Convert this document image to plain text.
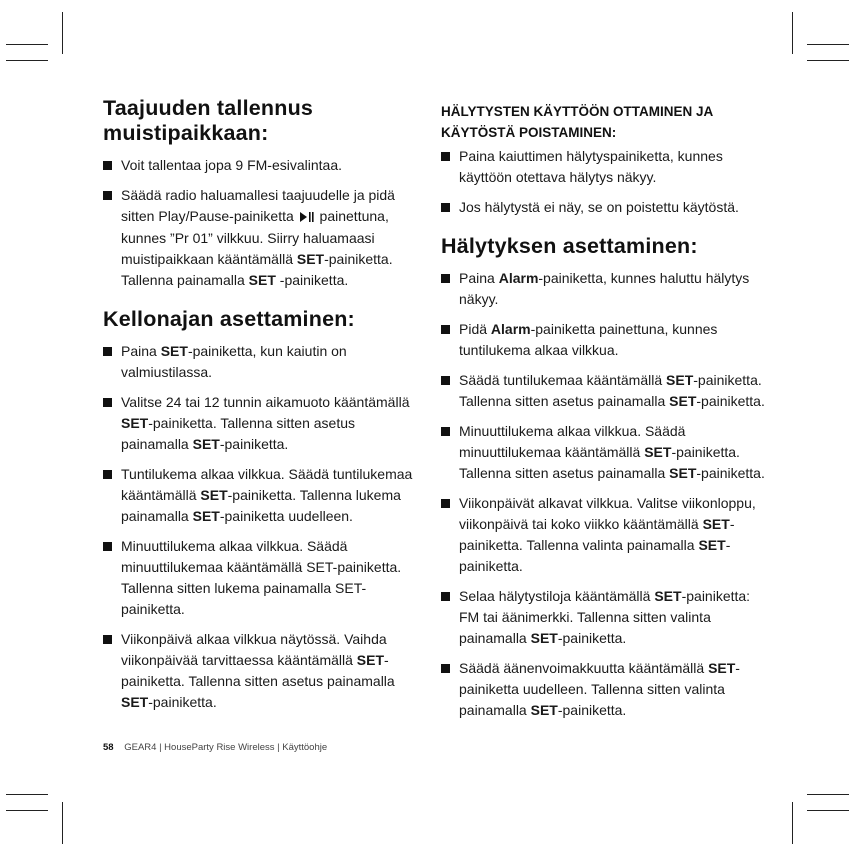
Taajuuden tallennus muistipaikkaan:
Voit tallentaa jopa 9 FM-esivalintaa.
Säädä radio haluamallesi taajuudelle ja pidä sitten Play/Pause-painiketta painettuna, kunnes ”Pr 01” vilkkuu. Siirry haluamaasi muistipaikkaan kääntämällä SET-painiketta. Tallenna painamalla SET -painiketta.
Kellonajan asettaminen:
Paina SET-painiketta, kun kaiutin on valmiustilassa.
Valitse 24 tai 12 tunnin aikamuoto kääntämällä SET-painiketta. Tallenna sitten asetus painamalla SET-painiketta.
Tuntilukema alkaa vilkkua. Säädä tuntilukemaa kääntämällä SET-painiketta. Tallenna lukema painamalla SET-painiketta uudelleen.
Minuuttilukema alkaa vilkkua. Säädä minuuttilukemaa kääntämällä SET-painiketta. Tallenna sitten lukema painamalla SET-painiketta.
Viikonpäivä alkaa vilkkua näytössä. Vaihda viikonpäivää tarvittaessa kääntämällä SET-painiketta. Tallenna sitten asetus painamalla SET-painiketta.
HÄLYTYSTEN KÄYTTÖÖN OTTAMINEN JA KÄYTÖSTÄ POISTAMINEN:
Paina kaiuttimen hälytyspainiketta, kunnes käyttöön otettava hälytys näkyy.
Jos hälytystä ei näy, se on poistettu käytöstä.
Hälytyksen asettaminen:
Paina Alarm-painiketta, kunnes haluttu hälytys näkyy.
Pidä Alarm-painiketta painettuna, kunnes tuntilukema alkaa vilkkua.
Säädä tuntilukemaa kääntämällä SET-painiketta. Tallenna sitten asetus painamalla SET-painiketta.
Minuuttilukema alkaa vilkkua. Säädä minuuttilukemaa kääntämällä SET-painiketta. Tallenna sitten asetus painamalla SET-painiketta.
Viikonpäivät alkavat vilkkua. Valitse viikonloppu, viikonpäivä tai koko viikko kääntämällä SET-painiketta. Tallenna valinta painamalla SET-painiketta.
Selaa hälytystiloja kääntämällä SET-painiketta: FM tai äänimerkki. Tallenna sitten valinta painamalla SET-painiketta.
Säädä äänenvoimakkuutta kääntämällä SET-painiketta uudelleen. Tallenna sitten valinta painamalla SET-painiketta.
58 GEAR4 | HouseParty Rise Wireless | Käyttöohje
